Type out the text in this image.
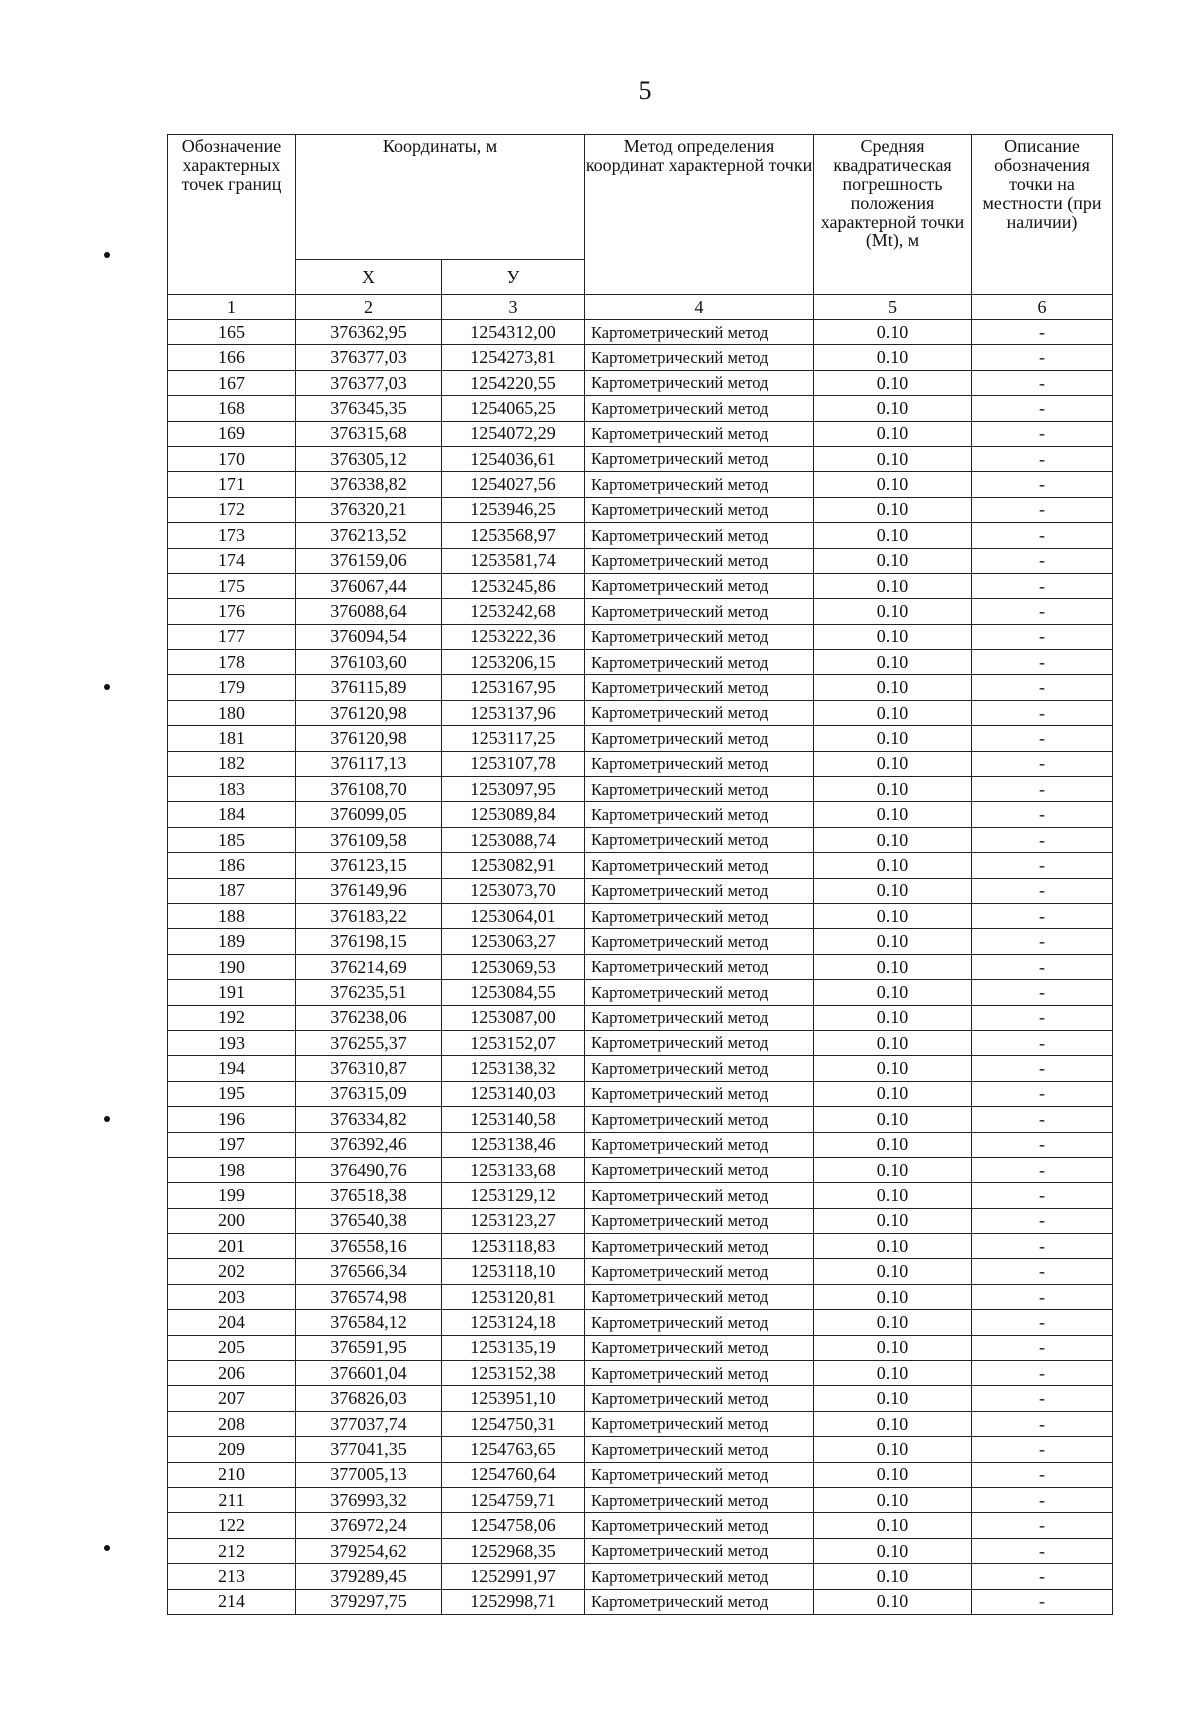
5
Обозначение характерных точек границ	Координаты, м		Метод определения координат характерной точки	Средняя квадратическая погрешность положения характерной точки (Mt), м	Описание обозначения точки на местности (при наличии)
	X	У			
1	2	3	4	5	6
165	376362,95	1254312,00	Картометрический метод	0.10	-
166	376377,03	1254273,81	Картометрический метод	0.10	-
167	376377,03	1254220,55	Картометрический метод	0.10	-
168	376345,35	1254065,25	Картометрический метод	0.10	-
169	376315,68	1254072,29	Картометрический метод	0.10	-
170	376305,12	1254036,61	Картометрический метод	0.10	-
171	376338,82	1254027,56	Картометрический метод	0.10	-
172	376320,21	1253946,25	Картометрический метод	0.10	-
173	376213,52	1253568,97	Картометрический метод	0.10	-
174	376159,06	1253581,74	Картометрический метод	0.10	-
175	376067,44	1253245,86	Картометрический метод	0.10	-
176	376088,64	1253242,68	Картометрический метод	0.10	-
177	376094,54	1253222,36	Картометрический метод	0.10	-
178	376103,60	1253206,15	Картометрический метод	0.10	-
179	376115,89	1253167,95	Картометрический метод	0.10	-
180	376120,98	1253137,96	Картометрический метод	0.10	-
181	376120,98	1253117,25	Картометрический метод	0.10	-
182	376117,13	1253107,78	Картометрический метод	0.10	-
183	376108,70	1253097,95	Картометрический метод	0.10	-
184	376099,05	1253089,84	Картометрический метод	0.10	-
185	376109,58	1253088,74	Картометрический метод	0.10	-
186	376123,15	1253082,91	Картометрический метод	0.10	-
187	376149,96	1253073,70	Картометрический метод	0.10	-
188	376183,22	1253064,01	Картометрический метод	0.10	-
189	376198,15	1253063,27	Картометрический метод	0.10	-
190	376214,69	1253069,53	Картометрический метод	0.10	-
191	376235,51	1253084,55	Картометрический метод	0.10	-
192	376238,06	1253087,00	Картометрический метод	0.10	-
193	376255,37	1253152,07	Картометрический метод	0.10	-
194	376310,87	1253138,32	Картометрический метод	0.10	-
195	376315,09	1253140,03	Картометрический метод	0.10	-
196	376334,82	1253140,58	Картометрический метод	0.10	-
197	376392,46	1253138,46	Картометрический метод	0.10	-
198	376490,76	1253133,68	Картометрический метод	0.10	-
199	376518,38	1253129,12	Картометрический метод	0.10	-
200	376540,38	1253123,27	Картометрический метод	0.10	-
201	376558,16	1253118,83	Картометрический метод	0.10	-
202	376566,34	1253118,10	Картометрический метод	0.10	-
203	376574,98	1253120,81	Картометрический метод	0.10	-
204	376584,12	1253124,18	Картометрический метод	0.10	-
205	376591,95	1253135,19	Картометрический метод	0.10	-
206	376601,04	1253152,38	Картометрический метод	0.10	-
207	376826,03	1253951,10	Картометрический метод	0.10	-
208	377037,74	1254750,31	Картометрический метод	0.10	-
209	377041,35	1254763,65	Картометрический метод	0.10	-
210	377005,13	1254760,64	Картометрический метод	0.10	-
211	376993,32	1254759,71	Картометрический метод	0.10	-
122	376972,24	1254758,06	Картометрический метод	0.10	-
212	379254,62	1252968,35	Картометрический метод	0.10	-
213	379289,45	1252991,97	Картометрический метод	0.10	-
214	379297,75	1252998,71	Картометрический метод	0.10	-
